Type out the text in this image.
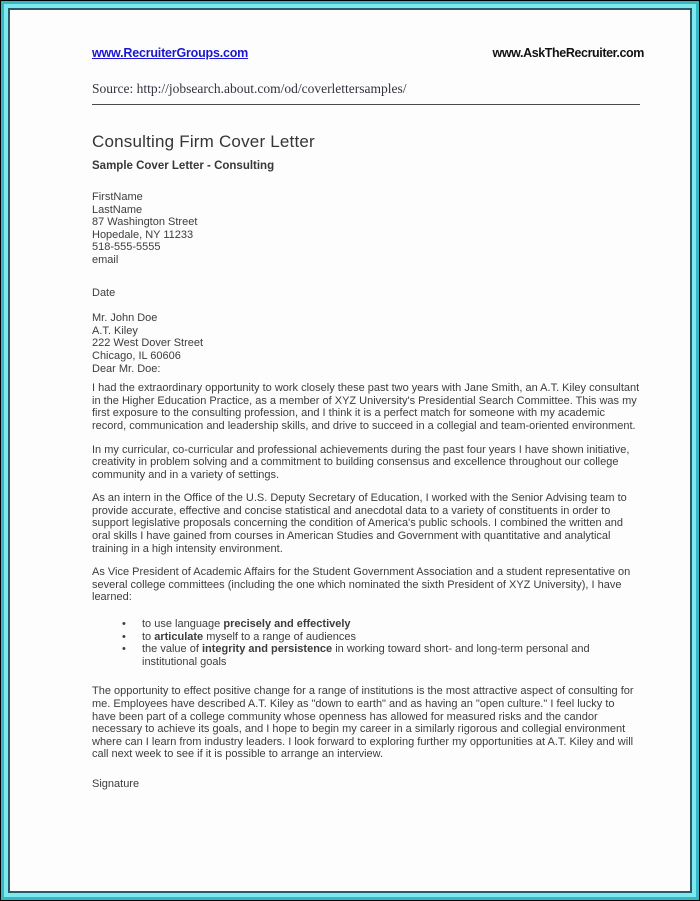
www.RecruiterGroups.com	www.AskTheRecruiter.com
Source: http://jobsearch.about.com/od/coverlettersamples/
Consulting Firm Cover Letter
Sample Cover Letter - Consulting
FirstName
LastName
87 Washington Street
Hopedale, NY 11233
518-555-5555
email
Date
Mr. John Doe
A.T. Kiley
222 West Dover Street
Chicago, IL 60606
Dear Mr. Doe:
I had the extraordinary opportunity to work closely these past two years with Jane Smith, an A.T. Kiley consultant in the Higher Education Practice, as a member of XYZ University's Presidential Search Committee. This was my first exposure to the consulting profession, and I think it is a perfect match for someone with my academic record, communication and leadership skills, and drive to succeed in a collegial and team-oriented environment.
In my curricular, co-curricular and professional achievements during the past four years I have shown initiative, creativity in problem solving and a commitment to building consensus and excellence throughout our college community and in a variety of settings.
As an intern in the Office of the U.S. Deputy Secretary of Education, I worked with the Senior Advising team to provide accurate, effective and concise statistical and anecdotal data to a variety of constituents in order to support legislative proposals concerning the condition of America's public schools. I combined the written and oral skills I have gained from courses in American Studies and Government with quantitative and analytical training in a high intensity environment.
As Vice President of Academic Affairs for the Student Government Association and a student representative on several college committees (including the one which nominated the sixth President of XYZ University), I have learned:
•	to use language precisely and effectively
•	to articulate myself to a range of audiences
•	the value of integrity and persistence in working toward short- and long-term personal and institutional goals
The opportunity to effect positive change for a range of institutions is the most attractive aspect of consulting for me. Employees have described A.T. Kiley as "down to earth" and as having an "open culture." I feel lucky to have been part of a college community whose openness has allowed for measured risks and the candor necessary to achieve its goals, and I hope to begin my career in a similarly rigorous and collegial environment where can I learn from industry leaders. I look forward to exploring further my opportunities at A.T. Kiley and will call next week to see if it is possible to arrange an interview.
Signature
